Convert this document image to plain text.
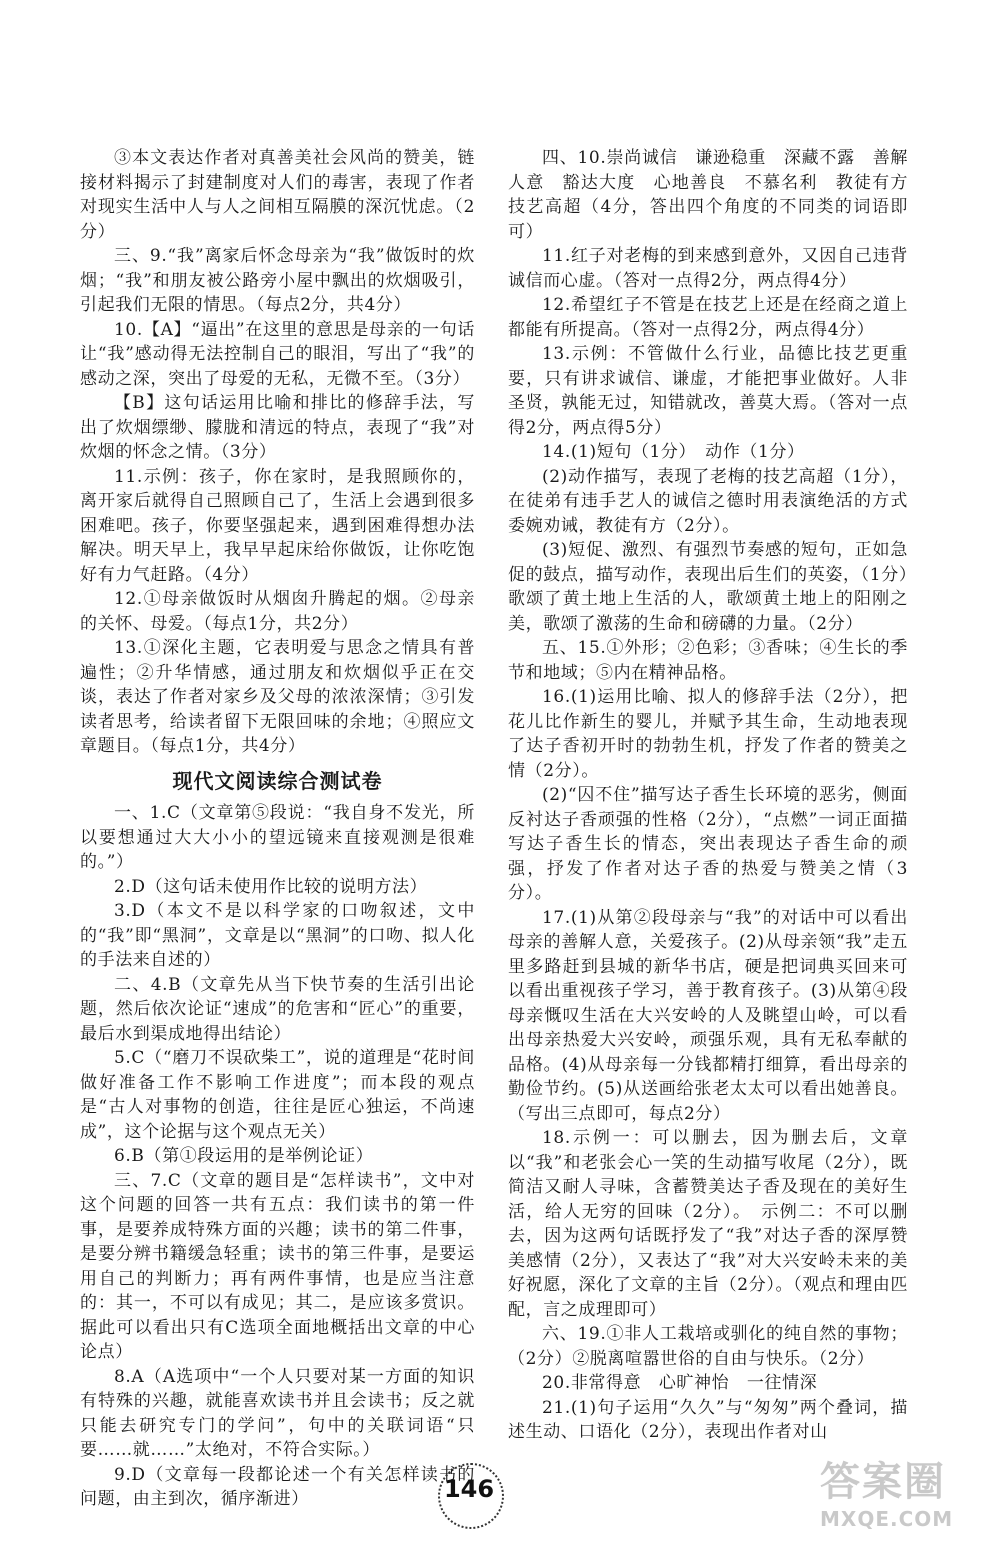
③本文表达作者对真善美社会风尚的赞美，链接材料揭示了封建制度对人们的毒害，表现了作者对现实生活中人与人之间相互隔膜的深沉忧虑。（2分）

三、9.“我”离家后怀念母亲为“我”做饭时的炊烟；“我”和朋友被公路旁小屋中飘出的炊烟吸引，引起我们无限的情思。（每点2分，共4分）

10.【A】“逼出”在这里的意思是母亲的一句话让“我”感动得无法控制自己的眼泪，写出了“我”的感动之深，突出了母爱的无私，无微不至。（3分）

【B】这句话运用比喻和排比的修辞手法，写出了炊烟缥缈、朦胧和清远的特点，表现了“我”对炊烟的怀念之情。（3分）

11.示例：孩子，你在家时，是我照顾你的，离开家后就得自己照顾自己了，生活上会遇到很多困难吧。孩子，你要坚强起来，遇到困难得想办法解决。明天早上，我早早起床给你做饭，让你吃饱好有力气赶路。（4分）

12.①母亲做饭时从烟囱升腾起的烟。②母亲的关怀、母爱。（每点1分，共2分）

13.①深化主题，它表明爱与思念之情具有普遍性；②升华情感，通过朋友和炊烟似乎正在交谈，表达了作者对家乡及父母的浓浓深情；③引发读者思考，给读者留下无限回味的余地；④照应文章题目。（每点1分，共4分）

现代文阅读综合测试卷

一、1.C（文章第⑤段说：“我自身不发光，所以要想通过大大小小的望远镜来直接观测是很难的。”）

2.D（这句话未使用作比较的说明方法）

3.D（本文不是以科学家的口吻叙述，文中的“我”即“黑洞”，文章是以“黑洞”的口吻、拟人化的手法来自述的）

二、4.B（文章先从当下快节奏的生活引出论题，然后依次论证“速成”的危害和“匠心”的重要，最后水到渠成地得出结论）

5.C（“磨刀不误砍柴工”，说的道理是“花时间做好准备工作不影响工作进度”；而本段的观点是“古人对事物的创造，往往是匠心独运，不尚速成”，这个论据与这个观点无关）

6.B（第①段运用的是举例论证）

三、7.C（文章的题目是“怎样读书”，文中对这个问题的回答一共有五点：我们读书的第一件事，是要养成特殊方面的兴趣；读书的第二件事，是要分辨书籍缓急轻重；读书的第三件事，是要运用自己的判断力；再有两件事情，也是应当注意的：其一，不可以有成见；其二，是应该多赏识。据此可以看出只有C选项全面地概括出文章的中心论点）

8.A（A选项中“一个人只要对某一方面的知识有特殊的兴趣，就能喜欢读书并且会读书；反之就只能去研究专门的学问”，句中的关联词语“只要……就……”太绝对，不符合实际。）

9.D（文章每一段都论述一个有关怎样读书的问题，由主到次，循序渐进）

四、10.崇尚诚信　谦逊稳重　深藏不露　善解人意　豁达大度　心地善良　不慕名利　教徒有方　技艺高超（4分，答出四个角度的不同类的词语即可）

11.红子对老梅的到来感到意外，又因自己违背诚信而心虚。（答对一点得2分，两点得4分）

12.希望红子不管是在技艺上还是在经商之道上都能有所提高。（答对一点得2分，两点得4分）

13.示例：不管做什么行业，品德比技艺更重要，只有讲求诚信、谦虚，才能把事业做好。人非圣贤，孰能无过，知错就改，善莫大焉。（答对一点得2分，两点得5分）

14.(1)短句（1分）　动作（1分）

(2)动作描写，表现了老梅的技艺高超（1分），在徒弟有违手艺人的诚信之德时用表演绝活的方式委婉劝诫，教徒有方（2分）。

(3)短促、激烈、有强烈节奏感的短句，正如急促的鼓点，描写动作，表现出后生们的英姿，（1分）歌颂了黄土地上生活的人，歌颂黄土地上的阳刚之美，歌颂了激荡的生命和磅礴的力量。（2分）

五、15.①外形；②色彩；③香味；④生长的季节和地域；⑤内在精神品格。

16.(1)运用比喻、拟人的修辞手法（2分），把花儿比作新生的婴儿，并赋予其生命，生动地表现了达子香初开时的勃勃生机，抒发了作者的赞美之情（2分）。

(2)“囚不住”描写达子香生长环境的恶劣，侧面反衬达子香顽强的性格（2分），“点燃”一词正面描写达子香生长的情态，突出表现达子香生命的顽强，抒发了作者对达子香的热爱与赞美之情（3分）。

17.(1)从第②段母亲与“我”的对话中可以看出母亲的善解人意，关爱孩子。(2)从母亲领“我”走五里多路赶到县城的新华书店，硬是把词典买回来可以看出重视孩子学习，善于教育孩子。(3)从第④段母亲慨叹生活在大兴安岭的人及眺望山岭，可以看出母亲热爱大兴安岭，顽强乐观，具有无私奉献的品格。(4)从母亲每一分钱都精打细算，看出母亲的勤俭节约。(5)从送画给张老太太可以看出她善良。（写出三点即可，每点2分）

18.示例一：可以删去，因为删去后，文章以“我”和老张会心一笑的生动描写收尾（2分），既简洁又耐人寻味，含蓄赞美达子香及现在的美好生活，给人无穷的回味（2分）。　示例二：不可以删去，因为这两句话既抒发了“我”对达子香的深厚赞美感情（2分），又表达了“我”对大兴安岭未来的美好祝愿，深化了文章的主旨（2分）。（观点和理由匹配，言之成理即可）

六、19.①非人工栽培或驯化的纯自然的事物；（2分）②脱离喧嚣世俗的自由与快乐。（2分）

20.非常得意　心旷神怡　一往情深

21.(1)句子运用“久久”与“匆匆”两个叠词，描述生动、口语化（2分），表现出作者对山

146	答案圈
MXQE.COM
